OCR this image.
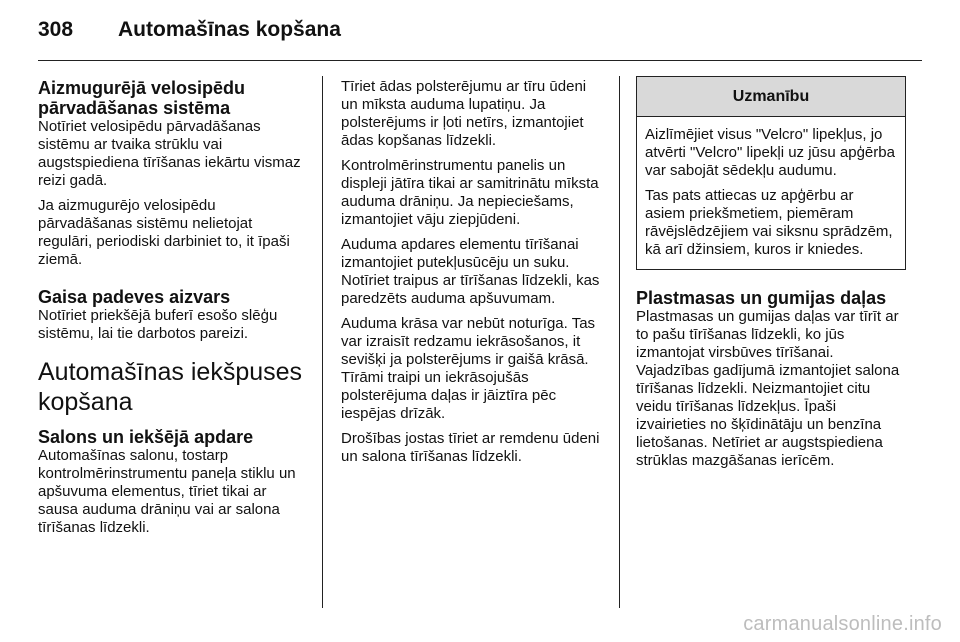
308	Automašīnas kopšana
Aizmugurējā velosipēdu pārvadāšanas sistēma

Notīriet velosipēdu pārvadāšanas sistēmu ar tvaika strūklu vai augstspiediena tīrīšanas iekārtu vismaz reizi gadā.

Ja aizmugurējo velosipēdu pārvadāšanas sistēmu nelietojat regulāri, periodiski darbiniet to, it īpaši ziemā.

Gaisa padeves aizvars

Notīriet priekšējā buferī esošo slēģu sistēmu, lai tie darbotos pareizi.

Automašīnas iekšpuses kopšana
Salons un iekšējā apdare

Automašīnas salonu, tostarp kontrolmērinstrumentu paneļa stiklu un apšuvuma elementus, tīriet tikai ar sausa auduma drāniņu vai ar salona tīrīšanas līdzekli.

Tīriet ādas polsterējumu ar tīru ūdeni un mīksta auduma lupatiņu. Ja polsterējums ir ļoti netīrs, izmantojiet ādas kopšanas līdzekli.

Kontrolmērinstrumentu panelis un displeji jātīra tikai ar samitrinātu mīksta auduma drāniņu. Ja nepieciešams, izmantojiet vāju ziepjūdeni.

Auduma apdares elementu tīrīšanai izmantojiet putekļusūcēju un suku. Notīriet traipus ar tīrīšanas līdzekli, kas paredzēts auduma apšuvumam.

Auduma krāsa var nebūt noturīga. Tas var izraisīt redzamu iekrāsošanos, it sevišķi ja polsterējums ir gaišā krāsā. Tīrāmi traipi un iekrāsojušās polsterējuma daļas ir jāiztīra pēc iespējas drīzāk.

Drošības jostas tīriet ar remdenu ūdeni un salona tīrīšanas līdzekli.

Uzmanību

Aizlīmējiet visus "Velcro" lipekļus, jo atvērti "Velcro" lipekļi uz jūsu apģērba var sabojāt sēdekļu audumu.

Tas pats attiecas uz apģērbu ar asiem priekšmetiem, piemēram rāvējslēdzējiem vai siksnu sprādzēm, kā arī džinsiem, kuros ir kniedes.

Plastmasas un gumijas daļas

Plastmasas un gumijas daļas var tīrīt ar to pašu tīrīšanas līdzekli, ko jūs izmantojat virsbūves tīrīšanai. Vajadzības gadījumā izmantojiet salona tīrīšanas līdzekli. Neizmantojiet citu veidu tīrīšanas līdzekļus. Īpaši izvairieties no šķīdinātāju un benzīna lietošanas. Netīriet ar augstspiediena strūklas mazgāšanas ierīcēm.

carmanualsonline.info
